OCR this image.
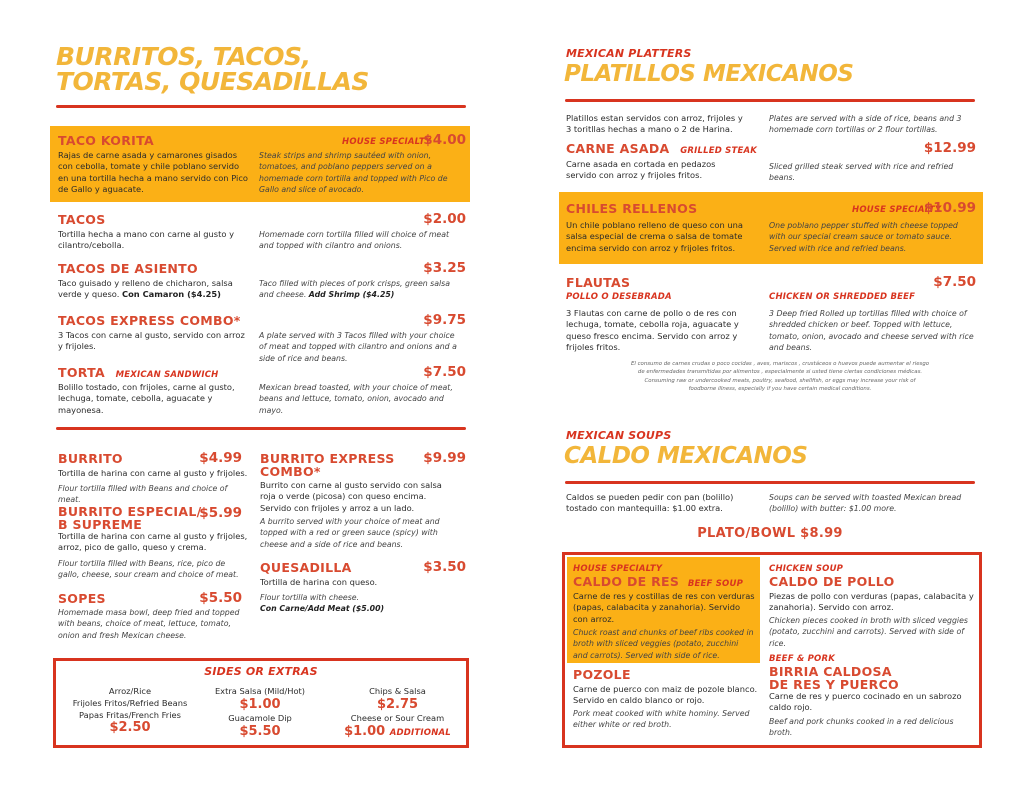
BURRITOS, TACOS,
TORTAS, QUESADILLAS
TACO KORITA	HOUSE SPECIALTY
$4.00
Rajas de carne asada y camarones gisados con cebolla, tomate y chile poblano servido en una tortilla hecha a mano servido con Pico de Gallo y aguacate.
Steak strips and shrimp sautéed with onion, tomatoes, and poblano peppers served on a homemade corn tortilla and topped with Pico de Gallo and slice of avocado.
TACOS	$2.00
Tortilla hecha a mano con carne al gusto y cilantro/cebolla.
Homemade corn tortilla filled will choice of meat and topped with cilantro and onions.
TACOS DE ASIENTO	$3.25
Taco guisado y relleno de chicharon, salsa verde y queso. Con Camaron ($4.25)
Taco filled with pieces of pork crisps, green salsa and cheese. Add Shrimp ($4.25)
TACOS EXPRESS COMBO*	$9.75
3 Tacos con carne al gusto, servido con arroz y frijoles.
A plate served with 3 Tacos filled with your choice of meat and topped with cilantro and onions and a side of rice and beans.
TORTA MEXICAN SANDWICH	$7.50
Bolillo tostado, con frijoles, carne al gusto, lechuga, tomate, cebolla, aguacate y mayonesa.
Mexican bread toasted, with your choice of meat, beans and lettuce, tomato, onion, avocado and mayo.
BURRITO	$4.99
Tortilla de harina con carne al gusto y frijoles.
Flour tortilla filled with Beans and choice of meat.
BURRITO ESPECIAL/
B SUPREME
$5.99
Tortilla de harina con carne al gusto y frijoles, arroz, pico de gallo, queso y crema.
Flour tortilla filled with Beans, rice, pico de gallo, cheese, sour cream and choice of meat.
SOPES	$5.50
Homemade masa bowl, deep fried and topped with beans, choice of meat, lettuce, tomato, onion and fresh Mexican cheese.
BURRITO EXPRESS
COMBO*
$9.99
Burrito con carne al gusto servido con salsa roja o verde (picosa) con queso encima. Servido con frijoles y arroz a un lado.
A burrito served with your choice of meat and topped with a red or green sauce (spicy) with cheese and a side of rice and beans.
QUESADILLA	$3.50
Tortilla de harina con queso.
Flour tortilla with cheese.
Con Carne/Add Meat ($5.00)
SIDES OR EXTRAS
Arroz/Rice
Frijoles Fritos/Refried Beans
Papas Fritas/French Fries
$2.50
Extra Salsa (Mild/Hot)
$1.00
Guacamole Dip
$5.50
Chips & Salsa
$2.75
Cheese or Sour Cream
$1.00 ADDITIONAL
MEXICAN PLATTERS
PLATILLOS MEXICANOS
Platillos estan servidos con arroz, frijoles y 3 toritllas hechas a mano o 2 de Harina.
Plates are served with a side of rice, beans and 3 homemade corn tortillas or 2 flour tortillas.
CARNE ASADA GRILLED STEAK	$12.99
Carne asada en cortada en pedazos servido con arroz y frijoles fritos.
Sliced grilled steak served with rice and refried beans.
CHILES RELLENOS	HOUSE SPECIALTY
$10.99
Un chile poblano relleno de queso con una salsa especial de crema o salsa de tomate encima servido con arroz y frijoles fritos.
One poblano pepper stuffed with cheese topped with our special cream sauce or tomato sauce. Served with rice and refried beans.
FLAUTAS	$7.50
POLLO O DESEBRADA	CHICKEN OR SHREDDED BEEF
3 Flautas con carne de pollo o de res con lechuga, tomate, cebolla roja, aguacate y queso fresco encima. Servido con arroz y frijoles fritos.
3 Deep fried Rolled up tortillas filled with choice of shredded chicken or beef. Topped with lettuce, tomato, onion, avocado and cheese served with rice and beans.
El consumo de carnes crudas o poco cocidas , aves, mariscos , crustáceos o huevos puede aumentar el riesgo
de enfermedades transmitidas por alimentos , especialmente si usted tiene ciertas condiciones médicas.
Consuming raw or undercooked meats, poultry, seafood, shellfish, or eggs may increase your risk of
foodborne illness, especially if you have certain medical conditions.
MEXICAN SOUPS
CALDO MEXICANOS
Caldos se pueden pedir con pan (bolillo) tostado con mantequilla: $1.00 extra.
Soups can be served with toasted Mexican bread (bolillo) with butter: $1.00 more.
PLATO/BOWL $8.99
HOUSE SPECIALTY
CALDO DE RES BEEF SOUP
Carne de res y costillas de res con verduras (papas, calabacita y zanahoria). Servido con arroz.
Chuck roast and chunks of beef ribs cooked in broth with sliced veggies (potato, zucchini and carrots). Served with side of rice.
POZOLE
Carne de puerco con maiz de pozole blanco. Servido en caldo blanco or rojo.
Pork meat cooked with white hominy. Served either white or red broth.
CHICKEN SOUP
CALDO DE POLLO
Piezas de pollo con verduras (papas, calabacita y zanahoria). Servido con arroz.
Chicken pieces cooked in broth with sliced veggies (potato, zucchini and carrots). Served with side of rice.
BEEF & PORK
BIRRIA CALDOSA
DE RES Y PUERCO
Carne de res y puerco cocinado en un sabrozo caldo rojo.
Beef and pork chunks cooked in a red delicious broth.
